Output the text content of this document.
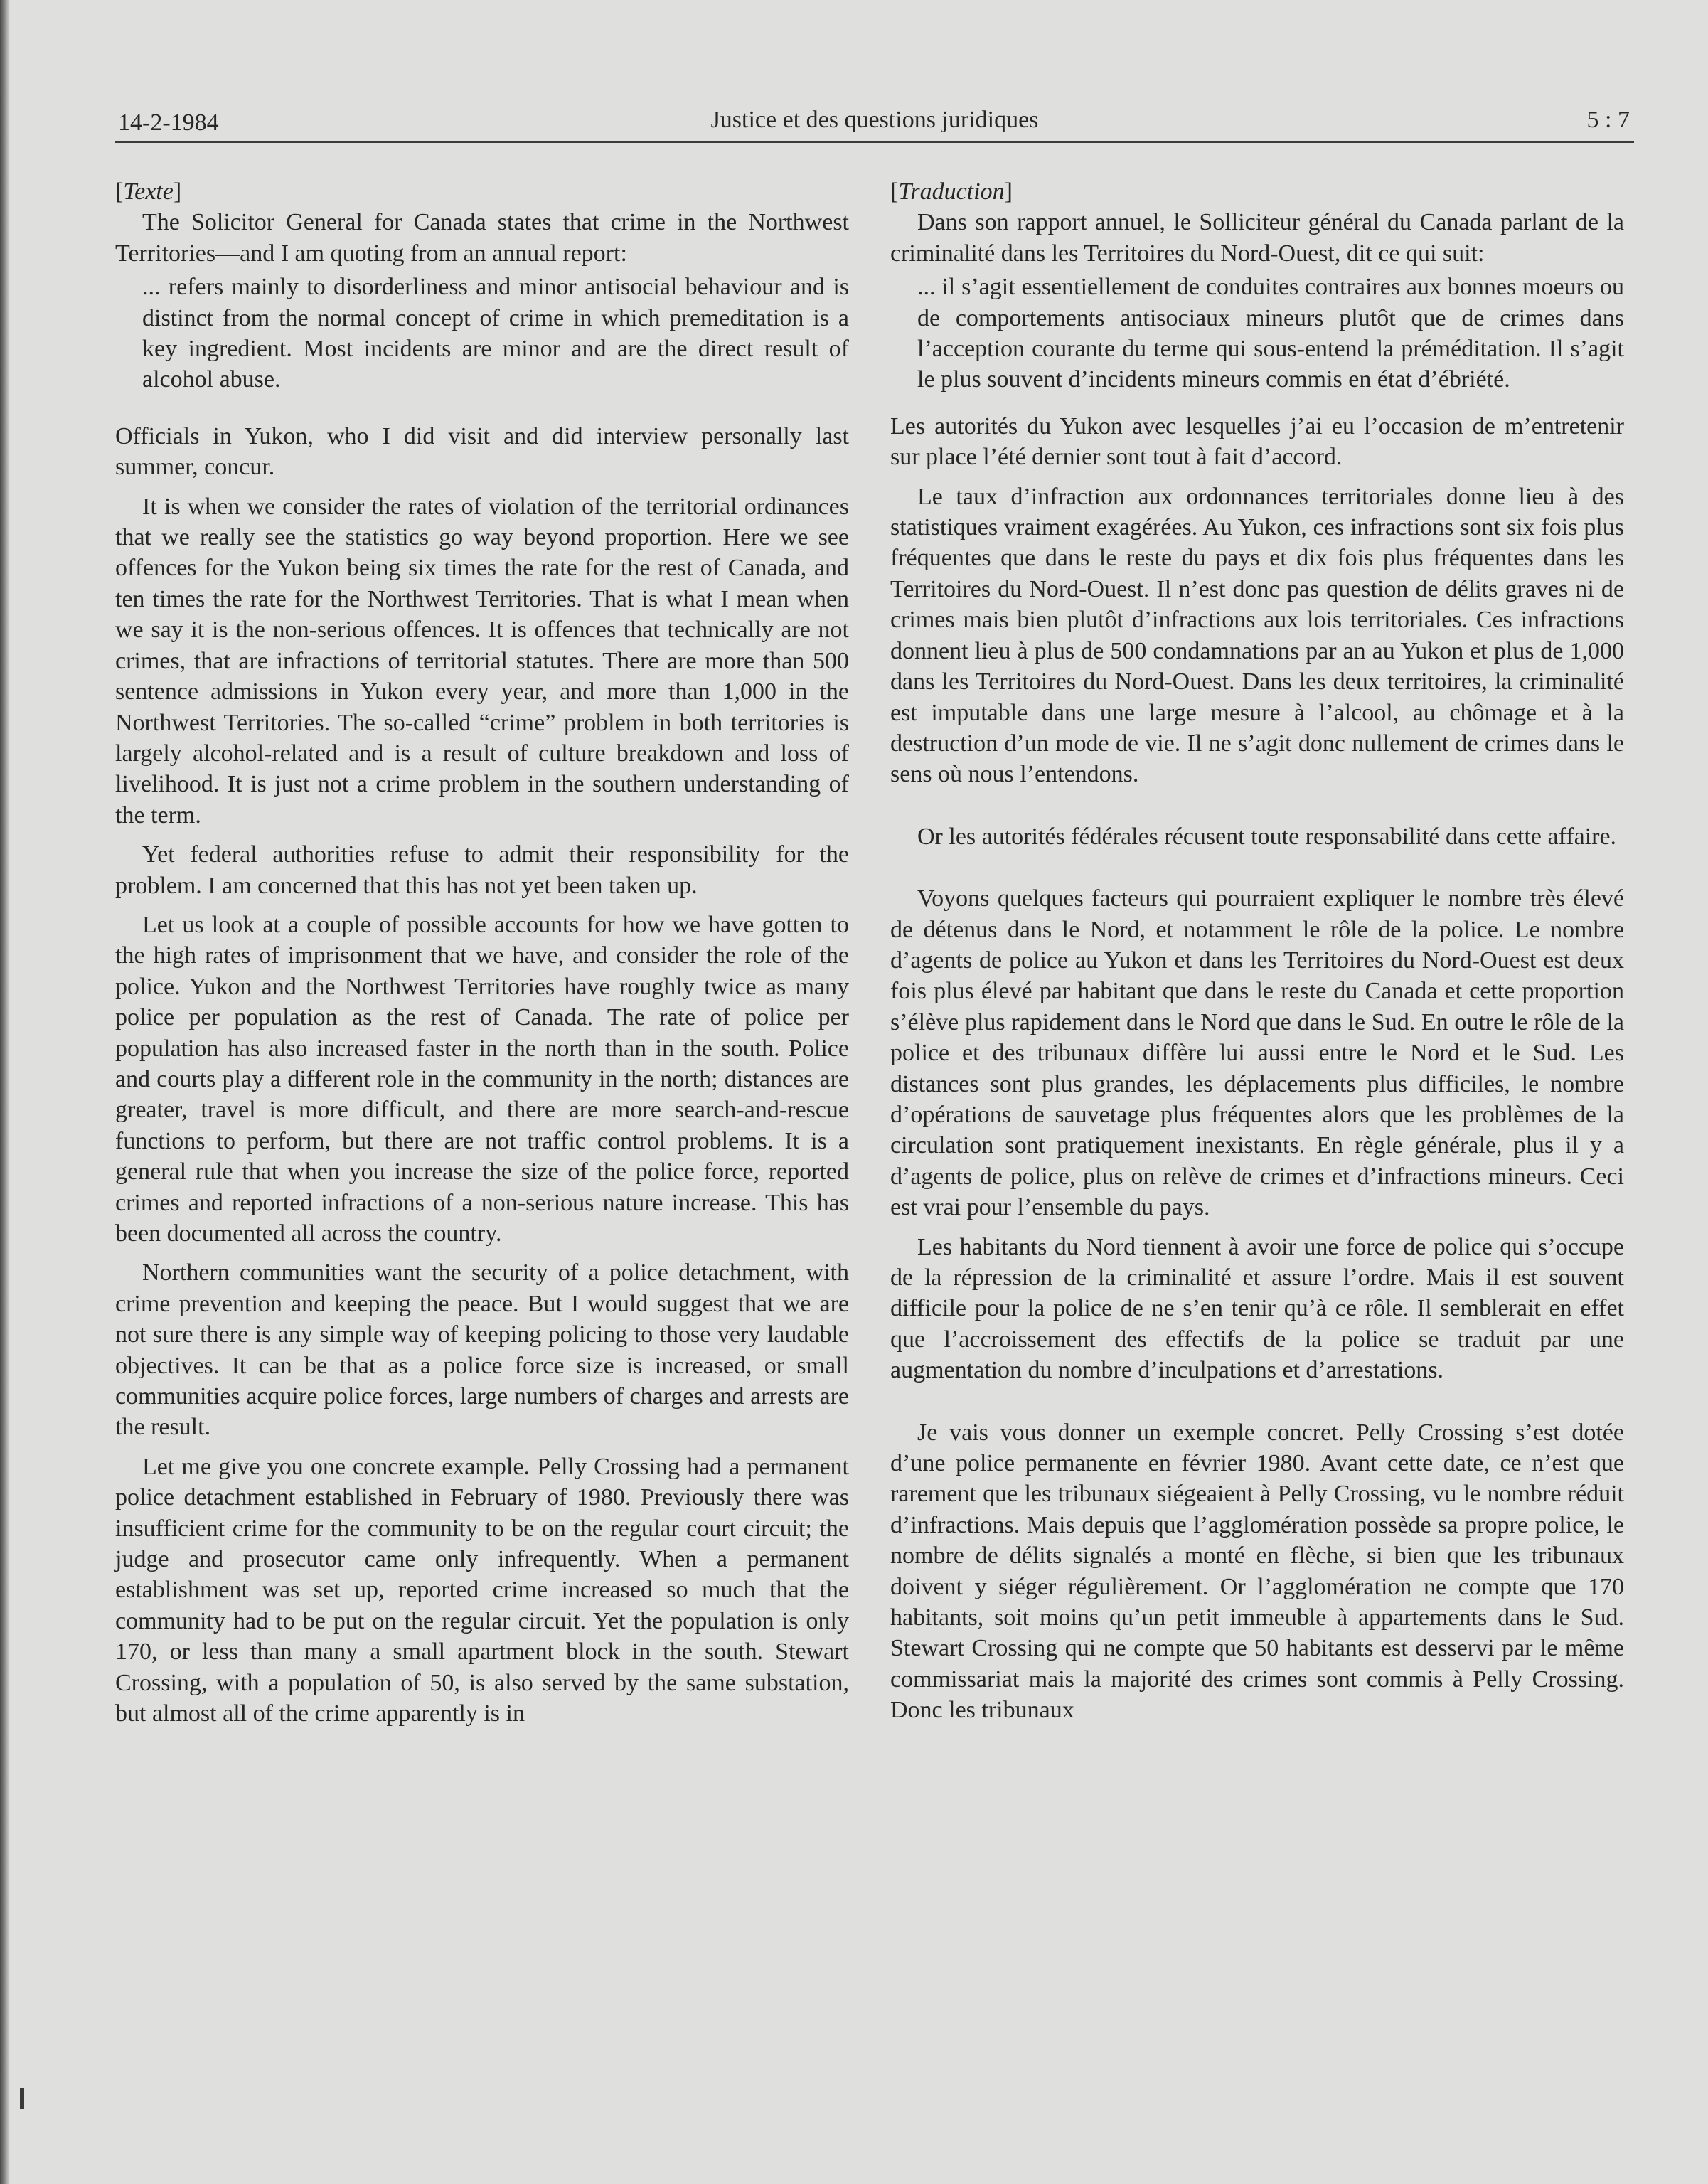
14-2-1984	Justice et des questions juridiques	5 : 7

[Texte]

The Solicitor General for Canada states that crime in the Northwest Territories—and I am quoting from an annual report:

... refers mainly to disorderliness and minor antisocial behaviour and is distinct from the normal concept of crime in which premeditation is a key ingredient. Most incidents are minor and are the direct result of alcohol abuse.

Officials in Yukon, who I did visit and did interview personally last summer, concur.

It is when we consider the rates of violation of the territorial ordinances that we really see the statistics go way beyond proportion. Here we see offences for the Yukon being six times the rate for the rest of Canada, and ten times the rate for the Northwest Territories. That is what I mean when we say it is the non-serious offences. It is offences that technically are not crimes, that are infractions of territorial statutes. There are more than 500 sentence admissions in Yukon every year, and more than 1,000 in the Northwest Territories. The so-called “crime” problem in both territories is largely alcohol-related and is a result of culture breakdown and loss of livelihood. It is just not a crime problem in the southern understanding of the term.

Yet federal authorities refuse to admit their responsibility for the problem. I am concerned that this has not yet been taken up.

Let us look at a couple of possible accounts for how we have gotten to the high rates of imprisonment that we have, and consider the role of the police. Yukon and the Northwest Territories have roughly twice as many police per population as the rest of Canada. The rate of police per population has also increased faster in the north than in the south. Police and courts play a different role in the community in the north; distances are greater, travel is more difficult, and there are more search-and-rescue functions to perform, but there are not traffic control problems. It is a general rule that when you increase the size of the police force, reported crimes and reported infractions of a non-serious nature increase. This has been documented all across the country.

Northern communities want the security of a police detachment, with crime prevention and keeping the peace. But I would suggest that we are not sure there is any simple way of keeping policing to those very laudable objectives. It can be that as a police force size is increased, or small communities acquire police forces, large numbers of charges and arrests are the result.

Let me give you one concrete example. Pelly Crossing had a permanent police detachment established in February of 1980. Previously there was insufficient crime for the community to be on the regular court circuit; the judge and prosecutor came only infrequently. When a permanent establishment was set up, reported crime increased so much that the community had to be put on the regular circuit. Yet the population is only 170, or less than many a small apartment block in the south. Stewart Crossing, with a population of 50, is also served by the same substation, but almost all of the crime apparently is in

[Traduction]

Dans son rapport annuel, le Solliciteur général du Canada parlant de la criminalité dans les Territoires du Nord-Ouest, dit ce qui suit:

... il s’agit essentiellement de conduites contraires aux bonnes moeurs ou de comportements antisociaux mineurs plutôt que de crimes dans l’acception courante du terme qui sous-entend la préméditation. Il s’agit le plus souvent d’incidents mineurs commis en état d’ébriété.

Les autorités du Yukon avec lesquelles j’ai eu l’occasion de m’entretenir sur place l’été dernier sont tout à fait d’accord.

Le taux d’infraction aux ordonnances territoriales donne lieu à des statistiques vraiment exagérées. Au Yukon, ces infractions sont six fois plus fréquentes que dans le reste du pays et dix fois plus fréquentes dans les Territoires du Nord-Ouest. Il n’est donc pas question de délits graves ni de crimes mais bien plutôt d’infractions aux lois territoriales. Ces infractions donnent lieu à plus de 500 condamnations par an au Yukon et plus de 1,000 dans les Territoires du Nord-Ouest. Dans les deux territoires, la criminalité est imputable dans une large mesure à l’alcool, au chômage et à la destruction d’un mode de vie. Il ne s’agit donc nullement de crimes dans le sens où nous l’entendons.

Or les autorités fédérales récusent toute responsabilité dans cette affaire.

Voyons quelques facteurs qui pourraient expliquer le nombre très élevé de détenus dans le Nord, et notamment le rôle de la police. Le nombre d’agents de police au Yukon et dans les Territoires du Nord-Ouest est deux fois plus élevé par habitant que dans le reste du Canada et cette proportion s’élève plus rapidement dans le Nord que dans le Sud. En outre le rôle de la police et des tribunaux diffère lui aussi entre le Nord et le Sud. Les distances sont plus grandes, les déplacements plus difficiles, le nombre d’opérations de sauvetage plus fréquentes alors que les problèmes de la circulation sont pratiquement inexistants. En règle générale, plus il y a d’agents de police, plus on relève de crimes et d’infractions mineurs. Ceci est vrai pour l’ensemble du pays.

Les habitants du Nord tiennent à avoir une force de police qui s’occupe de la répression de la criminalité et assure l’ordre. Mais il est souvent difficile pour la police de ne s’en tenir qu’à ce rôle. Il semblerait en effet que l’accroissement des effectifs de la police se traduit par une augmentation du nombre d’inculpations et d’arrestations.

Je vais vous donner un exemple concret. Pelly Crossing s’est dotée d’une police permanente en février 1980. Avant cette date, ce n’est que rarement que les tribunaux siégeaient à Pelly Crossing, vu le nombre réduit d’infractions. Mais depuis que l’agglomération possède sa propre police, le nombre de délits signalés a monté en flèche, si bien que les tribunaux doivent y siéger régulièrement. Or l’agglomération ne compte que 170 habitants, soit moins qu’un petit immeuble à appartements dans le Sud. Stewart Crossing qui ne compte que 50 habitants est desservi par le même commissariat mais la majorité des crimes sont commis à Pelly Crossing. Donc les tribunaux
